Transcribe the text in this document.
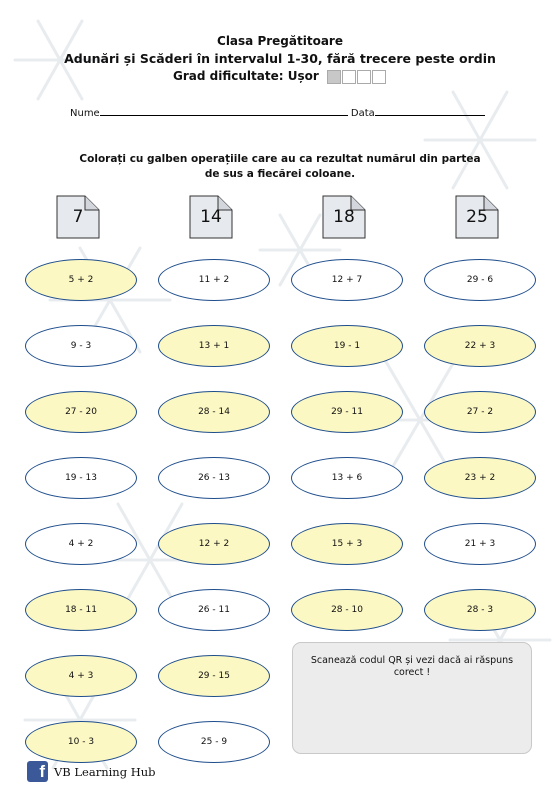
Clasa Pregătitoare
Adunări și Scăderi în intervalul 1-30, fără trecere peste ordin
Grad dificultate: Ușor
Nume	Data
Colorați cu galben operațiile care au ca rezultat numărul din partea
de sus a fiecărei coloane.
7
5 + 2
9 - 3
27 - 20
19 - 13
4 + 2
18 - 11
4 + 3
10 - 3
14
11 + 2
13 + 1
28 - 14
26 - 13
12 + 2
26 - 11
29 - 15
25 - 9
18
12 + 7
19 - 1
29 - 11
13 + 6
15 + 3
28 - 10
25
29 - 6
22 + 3
27 - 2
23 + 2
21 + 3
28 - 3
Scanează codul QR și vezi dacă ai răspuns corect !
f VB Learning Hub
